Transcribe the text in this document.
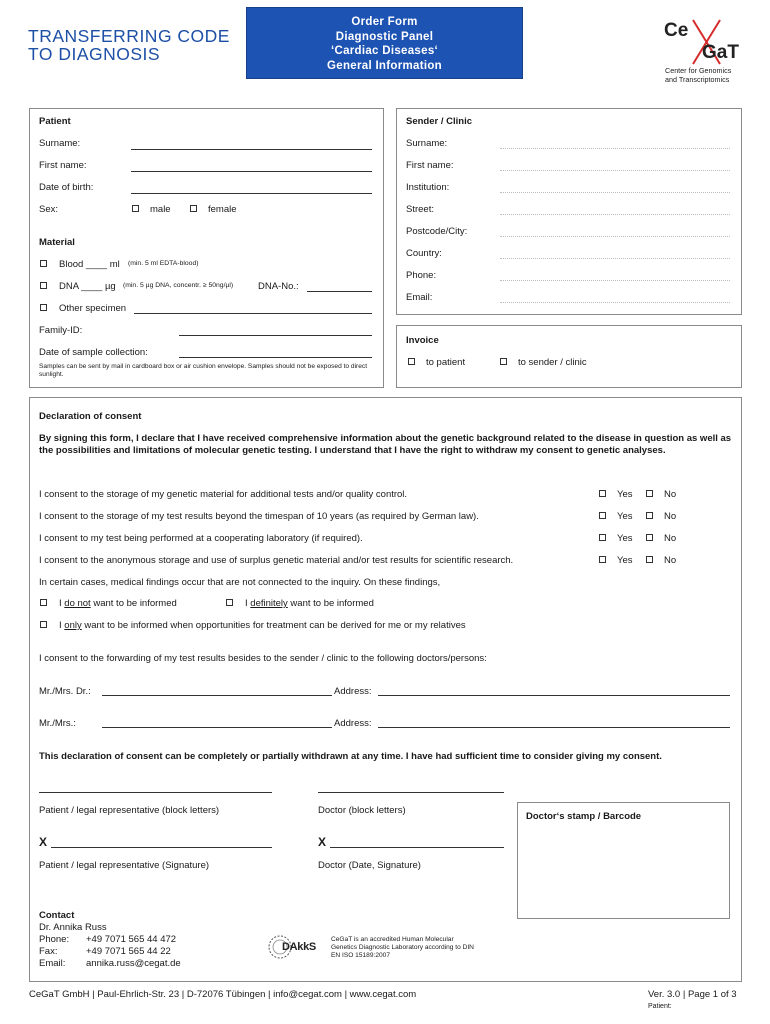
TRANSFERRING CODE
TO DIAGNOSIS
Order Form
Diagnostic Panel
‘Cardiac Diseases‘
General Information
Ce
GaT
Center for Genomics
and Transcriptomics
Patient
Surname:
First name:
Date of birth:
Sex:	male	female
Material
Blood ____ ml (min. 5 ml EDTA-blood)
DNA ____ µg (min. 5 µg DNA, concentr. ≥ 50ng/µl)	DNA-No.:
Other specimen
Family-ID:
Date of sample collection:
Samples can be sent by mail in cardboard box or air cushion envelope. Samples should not be exposed to direct sunlight.
Sender / Clinic
Surname:
First name:
Institution:
Street:
Postcode/City:
Country:
Phone:
Email:
Invoice
to patient	to sender / clinic
Declaration of consent
By signing this form, I declare that I have received comprehensive information about the genetic background related to the disease in question as well as the possibilities and limitations of molecular genetic testing. I understand that I have the right to withdraw my consent to genetic analyses.
I consent to the storage of my genetic material for additional tests and/or quality control.	Yes	No
I consent to the storage of my test results beyond the timespan of 10 years (as required by German law).	Yes	No
I consent to my test being performed at a cooperating laboratory (if required).	Yes	No
I consent to the anonymous storage and use of surplus genetic material and/or test results for scientific research.	Yes	No
In certain cases, medical findings occur that are not connected to the inquiry. On these findings,
I do not want to be informed	I definitely want to be informed
I only want to be informed when opportunities for treatment can be derived for me or my relatives
I consent to the forwarding of my test results besides to the sender / clinic to the following doctors/persons:
Mr./Mrs. Dr.:	Address:
Mr./Mrs.:	Address:
This declaration of consent can be completely or partially withdrawn at any time. I have had sufficient time to consider giving my consent.
Patient / legal representative (block letters)	Doctor (block letters)
Doctor‘s stamp / Barcode
X	X
Patient / legal representative (Signature)	Doctor (Date, Signature)
Contact
Dr. Annika Russ
Phone: +49 7071 565 44 472
Fax:	+49 7071 565 44 22
Email: annika.russ@cegat.de
DAkkS
CeGaT is an accredited Human Molecular Genetics Diagnostic Laboratory according to DIN EN ISO 15189:2007
CeGaT GmbH | Paul-Ehrlich-Str. 23 | D-72076 Tübingen | info@cegat.com | www.cegat.com	Ver. 3.0 | Page 1 of 3
Patient:
